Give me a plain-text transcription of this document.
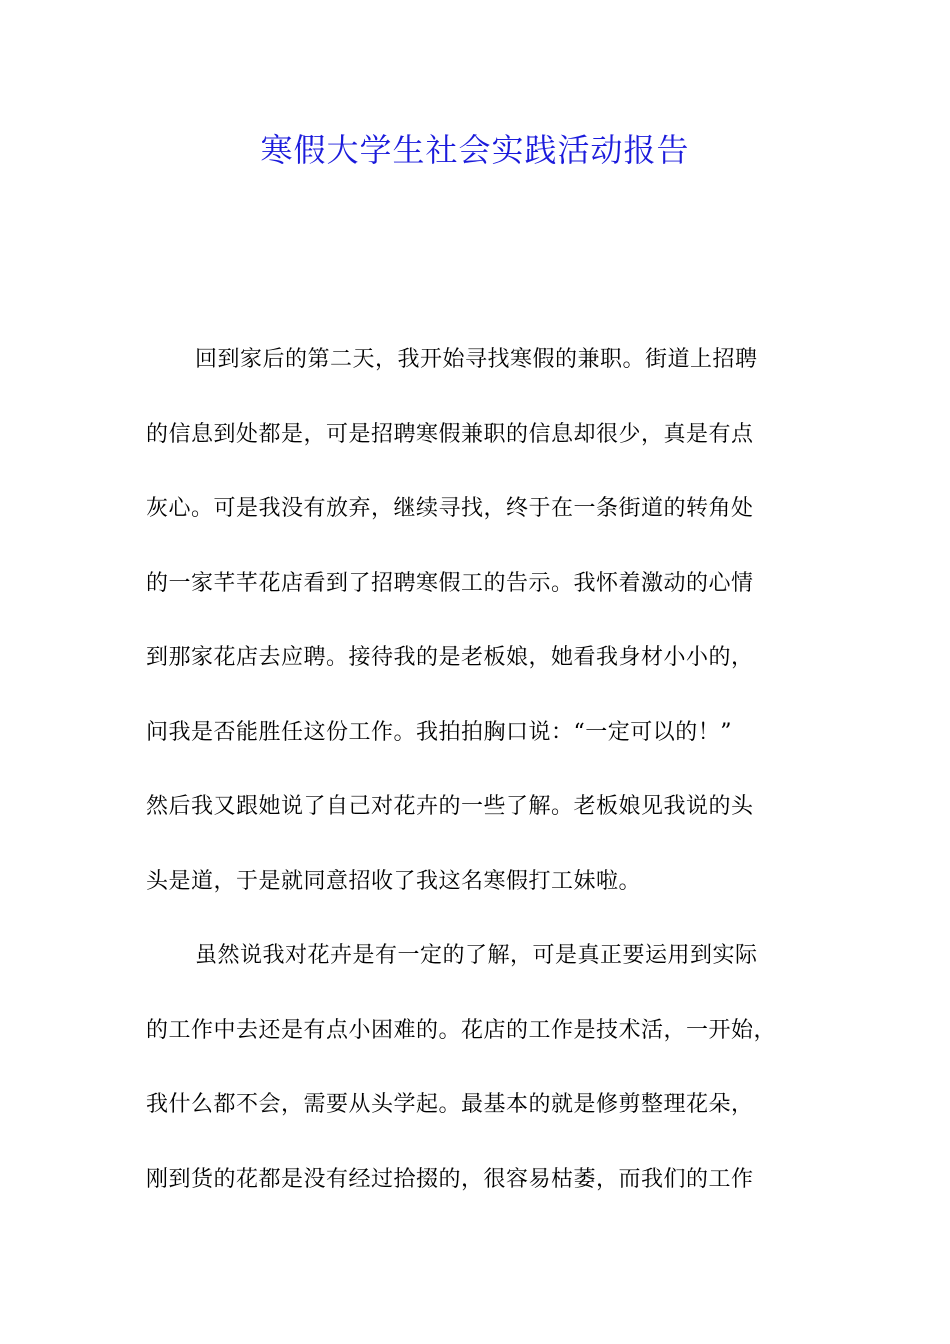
寒假大学生社会实践活动报告
回到家后的第二天，我开始寻找寒假的兼职。街道上招聘
的信息到处都是，可是招聘寒假兼职的信息却很少，真是有点
灰心。可是我没有放弃，继续寻找，终于在一条街道的转角处
的一家芊芊花店看到了招聘寒假工的告示。我怀着激动的心情
到那家花店去应聘。接待我的是老板娘，她看我身材小小的，
问我是否能胜任这份工作。我拍拍胸口说：“一定可以的！”
然后我又跟她说了自己对花卉的一些了解。老板娘见我说的头
头是道，于是就同意招收了我这名寒假打工妹啦。
虽然说我对花卉是有一定的了解，可是真正要运用到实际
的工作中去还是有点小困难的。花店的工作是技术活，一开始，
我什么都不会，需要从头学起。最基本的就是修剪整理花朵，
刚到货的花都是没有经过拾掇的，很容易枯萎，而我们的工作
